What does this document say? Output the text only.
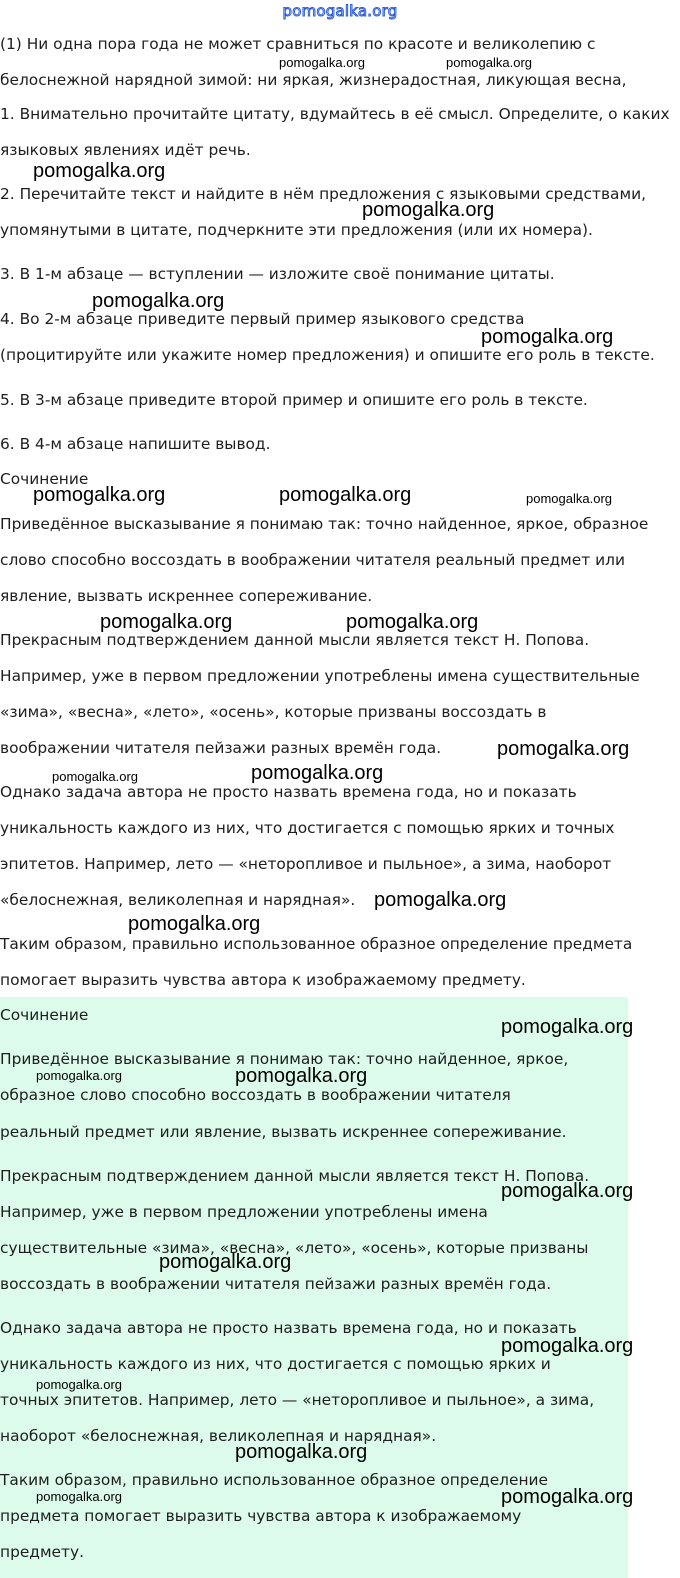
pomogalka.org
(1) Ни одна пора года не может сравниться по красоте и великолепию с
белоснежной нарядной зимой: ни яркая, жизнерадостная, ликующая весна,
1. Внимательно прочитайте цитату, вдумайтесь в её смысл. Определите, о каких
языковых явлениях идёт речь.
2. Перечитайте текст и найдите в нём предложения с языковыми средствами,
упомянутыми в цитате, подчеркните эти предложения (или их номера).
3. В 1-м абзаце — вступлении — изложите своё понимание цитаты.
4. Во 2-м абзаце приведите первый пример языкового средства
(процитируйте или укажите номер предложения) и опишите его роль в тексте.
5. В 3-м абзаце приведите второй пример и опишите его роль в тексте.
6. В 4-м абзаце напишите вывод.
Сочинение
Приведённое высказывание я понимаю так: точно найденное, яркое, образное
слово способно воссоздать в воображении читателя реальный предмет или
явление, вызвать искреннее сопереживание.
Прекрасным подтверждением данной мысли является текст Н. Попова.
Например, уже в первом предложении употреблены имена существительные
«зима», «весна», «лето», «осень», которые призваны воссоздать в
воображении читателя пейзажи разных времён года.
Однако задача автора не просто назвать времена года, но и показать
уникальность каждого из них, что достигается с помощью ярких и точных
эпитетов. Например, лето — «неторопливое и пыльное», а зима, наоборот
«белоснежная, великолепная и нарядная».
Таким образом, правильно использованное образное определение предмета
помогает выразить чувства автора к изображаемому предмету.
Сочинение
Приведённое высказывание я понимаю так: точно найденное, яркое,
образное слово способно воссоздать в воображении читателя
реальный предмет или явление, вызвать искреннее сопереживание.
Прекрасным подтверждением данной мысли является текст Н. Попова.
Например, уже в первом предложении употреблены имена
существительные «зима», «весна», «лето», «осень», которые призваны
воссоздать в воображении читателя пейзажи разных времён года.
Однако задача автора не просто назвать времена года, но и показать
уникальность каждого из них, что достигается с помощью ярких и
точных эпитетов. Например, лето — «неторопливое и пыльное», а зима,
наоборот «белоснежная, великолепная и нарядная».
Таким образом, правильно использованное образное определение
предмета помогает выразить чувства автора к изображаемому
предмету.
pomogalka.org	pomogalka.org
pomogalka.org
pomogalka.org
pomogalka.org
pomogalka.org
pomogalka.org	pomogalka.org	pomogalka.org
pomogalka.org	pomogalka.org
pomogalka.org
pomogalka.org	pomogalka.org
pomogalka.org
pomogalka.org
pomogalka.org
pomogalka.org	pomogalka.org
pomogalka.org
pomogalka.org
pomogalka.org
pomogalka.org
pomogalka.org
pomogalka.org	pomogalka.org
